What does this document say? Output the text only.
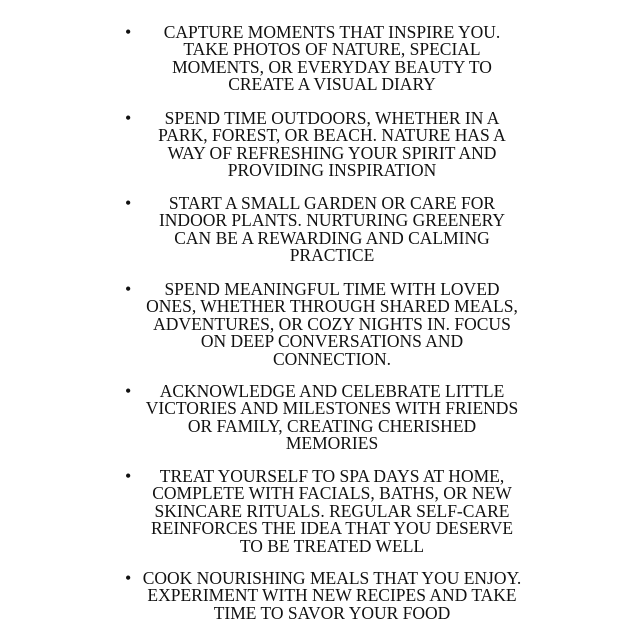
•	CAPTURE MOMENTS THAT INSPIRE YOU. TAKE PHOTOS OF NATURE, SPECIAL MOMENTS, OR EVERYDAY BEAUTY TO CREATE A VISUAL DIARY
•	SPEND TIME OUTDOORS, WHETHER IN A PARK, FOREST, OR BEACH. NATURE HAS A WAY OF REFRESHING YOUR SPIRIT AND PROVIDING INSPIRATION
•	START A SMALL GARDEN OR CARE FOR INDOOR PLANTS. NURTURING GREENERY CAN BE A REWARDING AND CALMING PRACTICE
•	SPEND MEANINGFUL TIME WITH LOVED ONES, WHETHER THROUGH SHARED MEALS, ADVENTURES, OR COZY NIGHTS IN. FOCUS ON DEEP CONVERSATIONS AND CONNECTION.
•	ACKNOWLEDGE AND CELEBRATE LITTLE VICTORIES AND MILESTONES WITH FRIENDS OR FAMILY, CREATING CHERISHED MEMORIES
•	TREAT YOURSELF TO SPA DAYS AT HOME, COMPLETE WITH FACIALS, BATHS, OR NEW SKINCARE RITUALS. REGULAR SELF-CARE REINFORCES THE IDEA THAT YOU DESERVE TO BE TREATED WELL
• COOK NOURISHING MEALS THAT YOU ENJOY. EXPERIMENT WITH NEW RECIPES AND TAKE TIME TO SAVOR YOUR FOOD
